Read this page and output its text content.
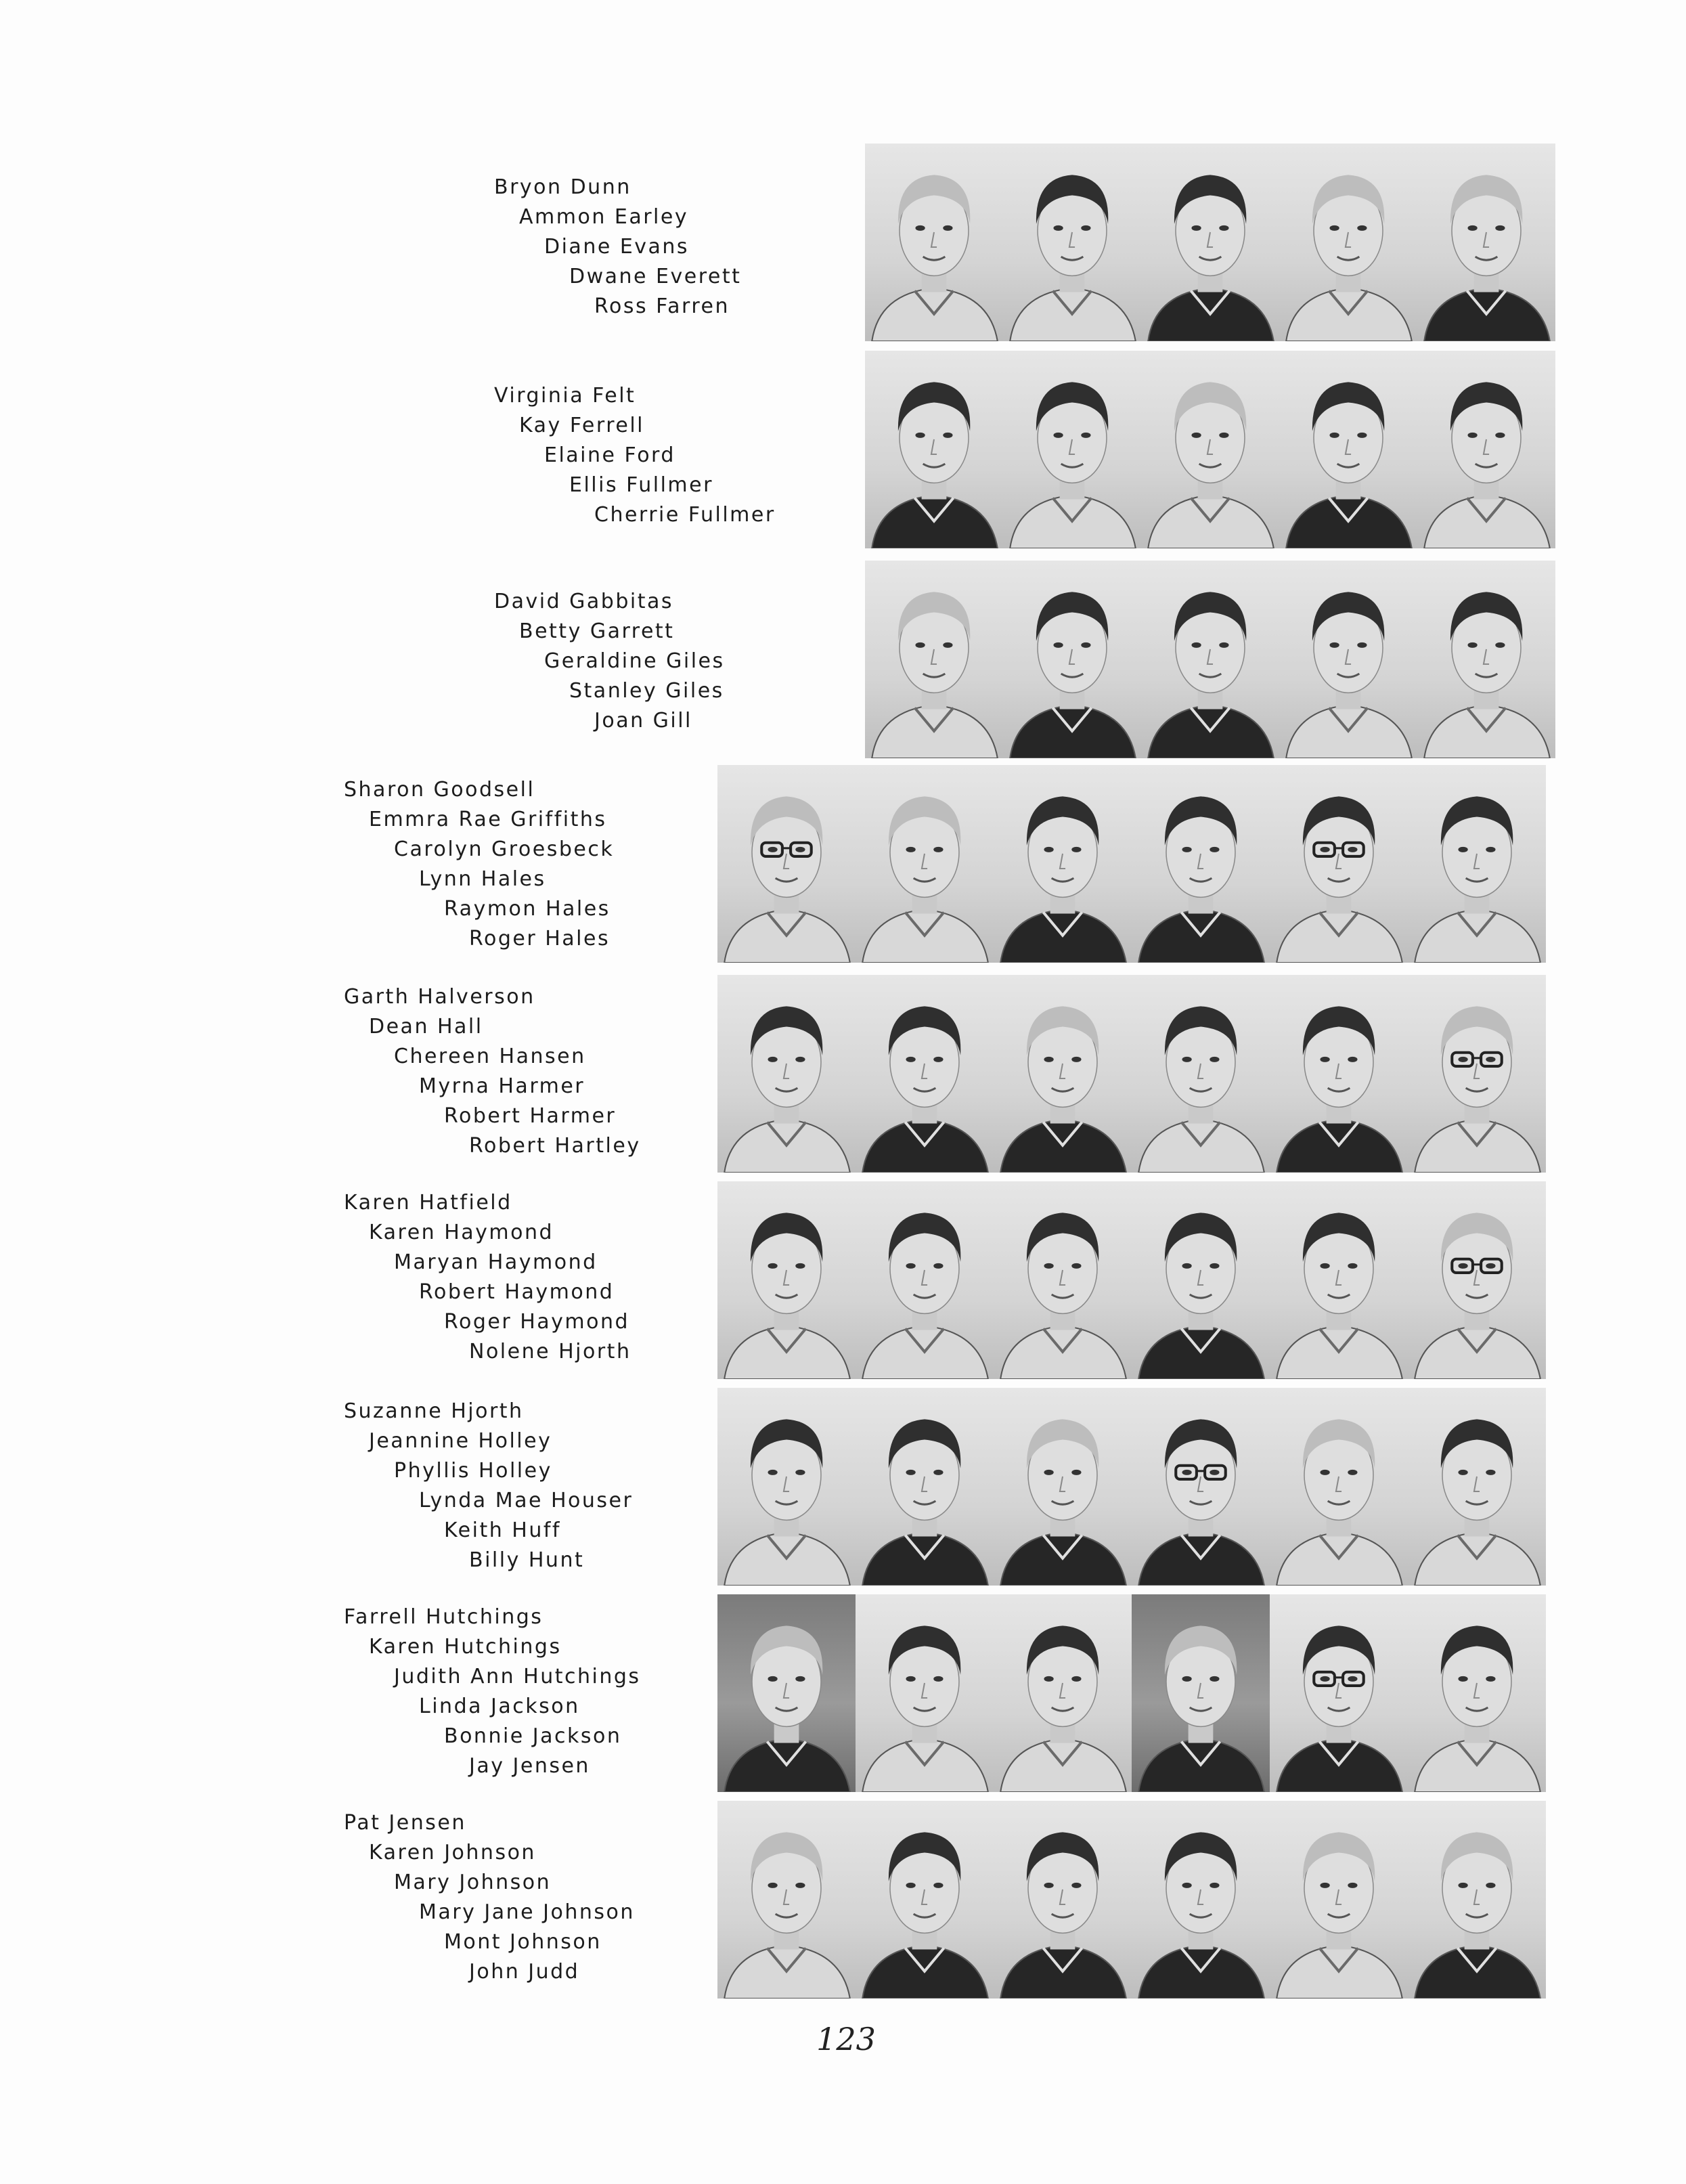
Bryon Dunn
Ammon Earley
Diane Evans
Dwane Everett
Ross Farren
Virginia Felt
Kay Ferrell
Elaine Ford
Ellis Fullmer
Cherrie Fullmer
David Gabbitas
Betty Garrett
Geraldine Giles
Stanley Giles
Joan Gill
Sharon Goodsell
Emmra Rae Griffiths
Carolyn Groesbeck
Lynn Hales
Raymon Hales
Roger Hales
Garth Halverson
Dean Hall
Chereen Hansen
Myrna Harmer
Robert Harmer
Robert Hartley
Karen Hatfield
Karen Haymond
Maryan Haymond
Robert Haymond
Roger Haymond
Nolene Hjorth
Suzanne Hjorth
Jeannine Holley
Phyllis Holley
Lynda Mae Houser
Keith Huff
Billy Hunt
Farrell Hutchings
Karen Hutchings
Judith Ann Hutchings
Linda Jackson
Bonnie Jackson
Jay Jensen
Pat Jensen
Karen Johnson
Mary Johnson
Mary Jane Johnson
Mont Johnson
John Judd
123
